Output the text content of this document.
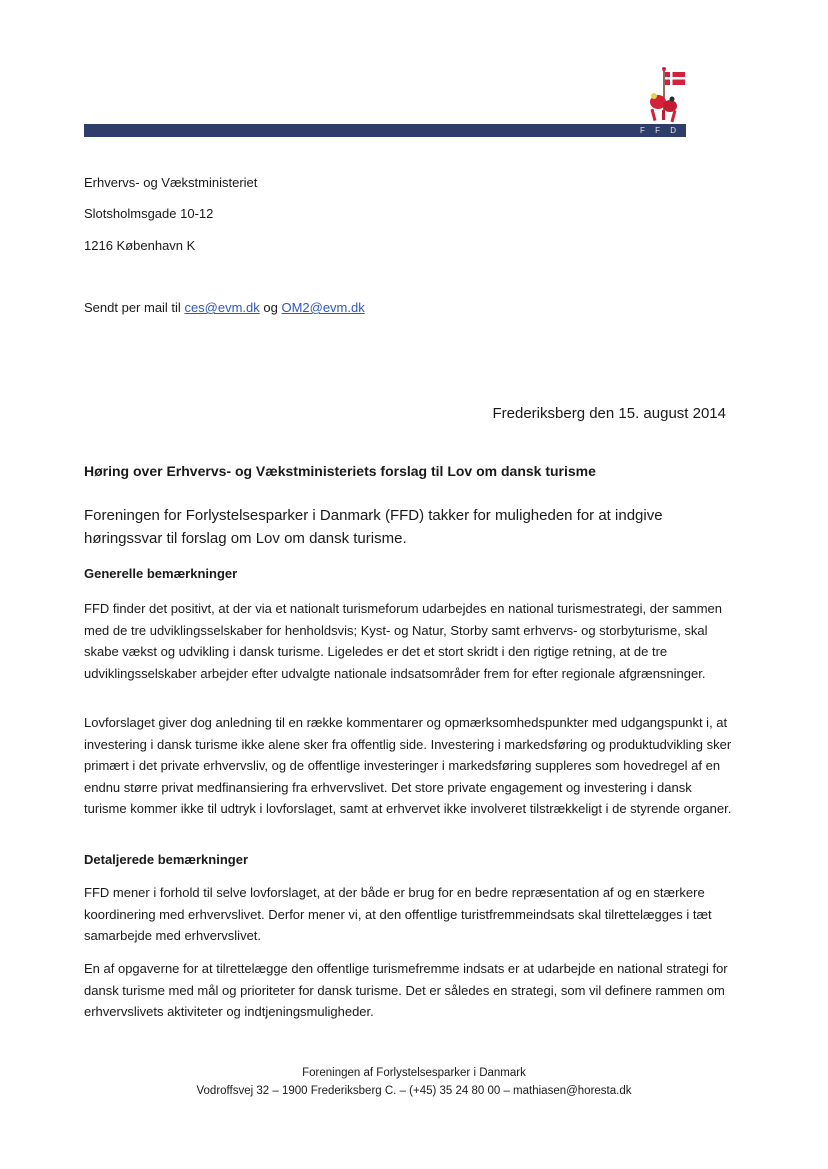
F F D
Erhvervs- og Vækstministeriet
Slotsholmsgade 10-12
1216 København K
Sendt per mail til ces@evm.dk og OM2@evm.dk
Frederiksberg den 15. august 2014
Høring over Erhvervs- og Vækstministeriets forslag til Lov om dansk turisme
Foreningen for Forlystelsesparker i Danmark (FFD) takker for muligheden for at indgive høringssvar til forslag om Lov om dansk turisme.
Generelle bemærkninger
FFD finder det positivt, at der via et nationalt turismeforum udarbejdes en national turismestrategi, der sammen med de tre udviklingsselskaber for henholdsvis; Kyst- og Natur, Storby samt erhvervs- og storbyturisme, skal skabe vækst og udvikling i dansk turisme. Ligeledes er det et stort skridt i den rigtige retning, at de tre udviklingsselskaber arbejder efter udvalgte nationale indsatsområder frem for efter regionale afgrænsninger.
Lovforslaget giver dog anledning til en række kommentarer og opmærksomhedspunkter med udgangspunkt i, at investering i dansk turisme ikke alene sker fra offentlig side. Investering i markedsføring og produktudvikling sker primært i det private erhvervsliv, og de offentlige investeringer i markedsføring suppleres som hovedregel af en endnu større privat medfinansiering fra erhvervslivet. Det store private engagement og investering i dansk turisme kommer ikke til udtryk i lovforslaget, samt at erhvervet ikke involveret tilstrækkeligt i de styrende organer.
Detaljerede bemærkninger
FFD mener i forhold til selve lovforslaget, at der både er brug for en bedre repræsentation af og en stærkere koordinering med erhvervslivet. Derfor mener vi, at den offentlige turistfremmeindsats skal tilrettelægges i tæt samarbejde med erhvervslivet.
En af opgaverne for at tilrettelægge den offentlige turismefremme indsats er at udarbejde en national strategi for dansk turisme med mål og prioriteter for dansk turisme. Det er således en strategi, som vil definere rammen om erhvervslivets aktiviteter og indtjeningsmuligheder.
Foreningen af Forlystelsesparker i Danmark
Vodroffsvej 32 – 1900 Frederiksberg C. – (+45) 35 24 80 00 – mathiasen@horesta.dk
